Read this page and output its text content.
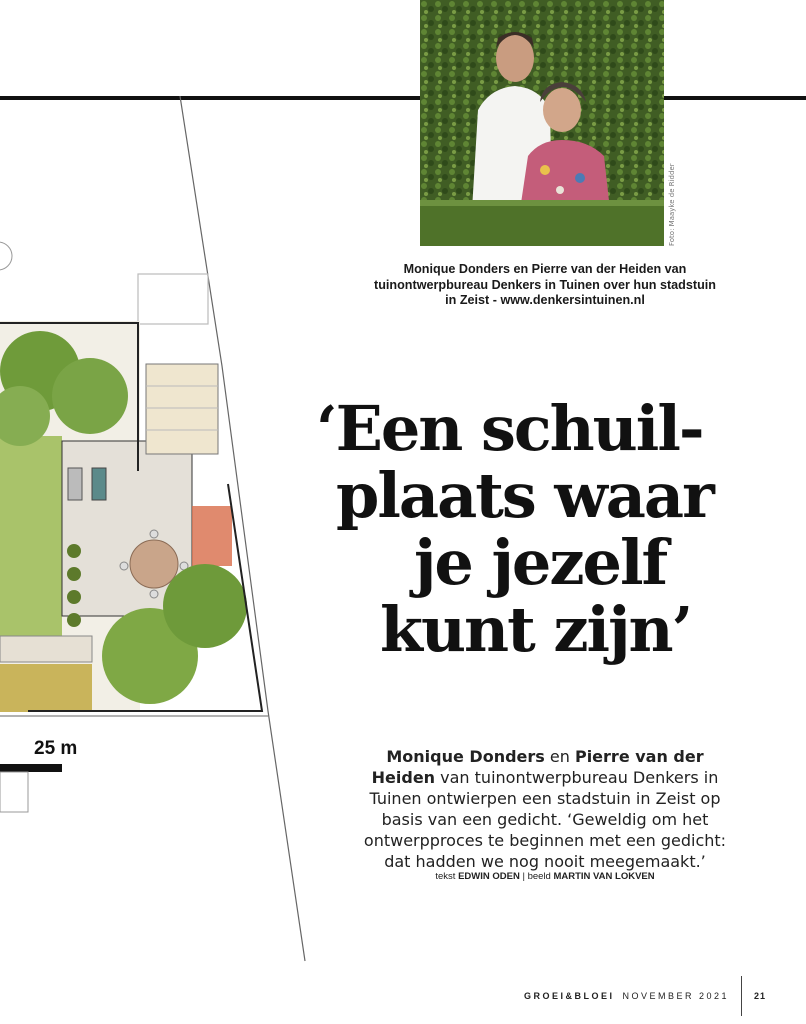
25 m
Foto: Maayke de Ridder
Monique Donders en Pierre van der Heiden van
tuinontwerpbureau Denkers in Tuinen over hun stadstuin
in Zeist - www.denkersintuinen.nl
‘Een schuil-
plaats waar
je jezelf
kunt zijn’

Monique Donders en Pierre van der Heiden van tuinontwerpbureau Denkers in Tuinen ontwierpen een stadstuin in Zeist op basis van een gedicht. ‘Geweldig om het ontwerpproces te beginnen met een gedicht: dat hadden we nog nooit meegemaakt.’

tekst EDWIN ODEN | beeld MARTIN VAN LOKVEN
GROEI&BLOEI NOVEMBER 2021	21
